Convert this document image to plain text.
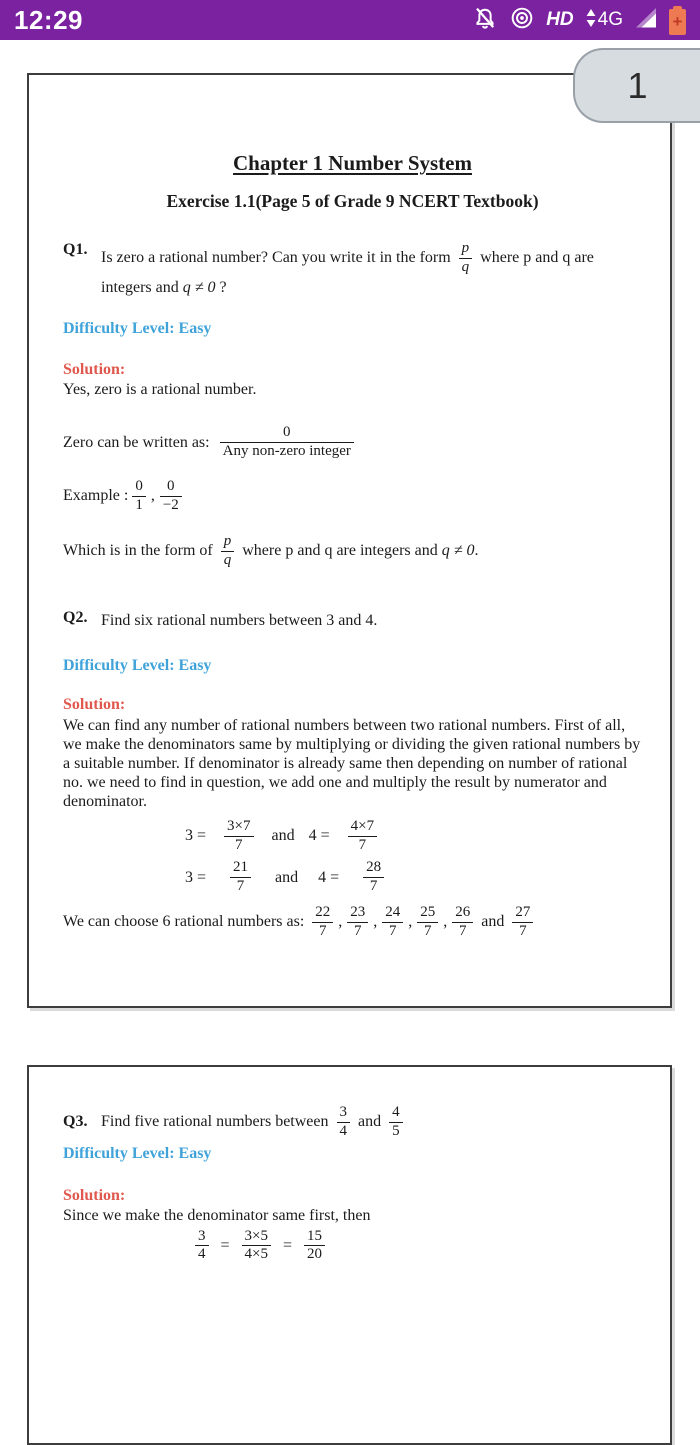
12:29	HD 4G	+
1
Chapter 1 Number System
Exercise 1.1(Page 5 of Grade 9 NCERT Textbook)
Q1. Is zero a rational number? Can you write it in the form $\frac{p}{q}$ where p and q are
integers and q ≠ 0 ?
Difficulty Level: Easy
Solution:
Yes, zero is a rational number.
Zero can be written as:
0
Any non-zero integer
Example : $\frac{0}{1}$ , $\frac{0}{-2}$
Which is in the form of $\frac{p}{q}$ where p and q are integers and q ≠ 0.
Q2. Find six rational numbers between 3 and 4.
Difficulty Level: Easy
Solution:
We can find any number of rational numbers between two rational numbers. First of all, we make the denominators same by multiplying or dividing the given rational numbers by a suitable number. If denominator is already same then depending on number of rational no. we need to find in question, we add one and multiply the result by numerator and denominator.
$3 = \frac{3\times 7}{7}$ and $4 = \frac{4\times 7}{7}$
$3 = \frac{21}{7}$ and $4 = \frac{28}{7}$
We can choose 6 rational numbers as: $\frac{22}{7}$ , $\frac{23}{7}$ , $\frac{24}{7}$ , $\frac{25}{7}$ , $\frac{26}{7}$ and $\frac{27}{7}$
Q3. Find five rational numbers between $\frac{3}{4}$ and $\frac{4}{5}$
Difficulty Level: Easy
Solution:
Since we make the denominator same first, then
$\frac{3}{4} = \frac{3\times 5}{4\times 5} = \frac{15}{20}$
